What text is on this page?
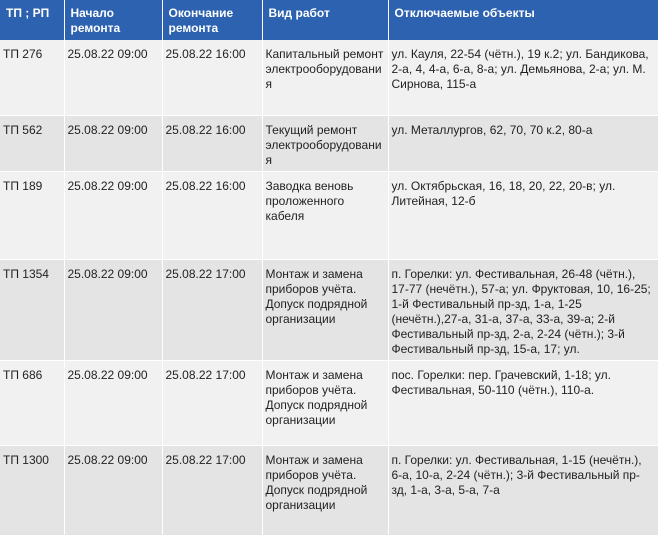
ТП ; РП	Начало ремонта	Окончание ремонта	Вид работ	Отключаемые объекты
ТП 276	25.08.22 09:00	25.08.22 16:00	Капитальный ремонт электрооборудования	ул. Кауля, 22-54 (чётн.), 19 к.2; ул. Бандикова, 2-а, 4, 4-а, 6-а, 8-а; ул. Демьянова, 2-а; ул. М. Сирнова, 115-а
ТП 562	25.08.22 09:00	25.08.22 16:00	Текущий ремонт электрооборудования	ул. Металлургов, 62, 70, 70 к.2, 80-а
ТП 189	25.08.22 09:00	25.08.22 16:00	Заводка веновь проложенного кабеля	ул. Октябрьская, 16, 18, 20, 22, 20-в; ул. Литейная, 12-б
ТП 1354	25.08.22 09:00	25.08.22 17:00	Монтаж и замена приборов учёта. Допуск подрядной организации	п. Горелки: ул. Фестивальная, 26-48 (чётн.), 17-77 (нечётн.), 57-а; ул. Фруктовая, 10, 16-25; 1-й Фестивальный пр-зд, 1-а, 1-25 (нечётн.),27-а, 31-а, 37-а, 33-а, 39-а; 2-й Фестивальный пр-зд, 2-а, 2-24 (чётн.); 3-й Фестивальный пр-зд, 15-а, 17; ул.
ТП 686	25.08.22 09:00	25.08.22 17:00	Монтаж и замена приборов учёта. Допуск подрядной организации	пос. Горелки: пер. Грачевский, 1-18; ул. Фестивальная, 50-110 (чётн.), 110-а.
ТП 1300	25.08.22 09:00	25.08.22 17:00	Монтаж и замена приборов учёта. Допуск подрядной организации	п. Горелки: ул. Фестивальная, 1-15 (нечётн.), 6-а, 10-а, 2-24 (чётн.); 3-й Фестивальный пр-зд, 1-а, 3-а, 5-а, 7-а
